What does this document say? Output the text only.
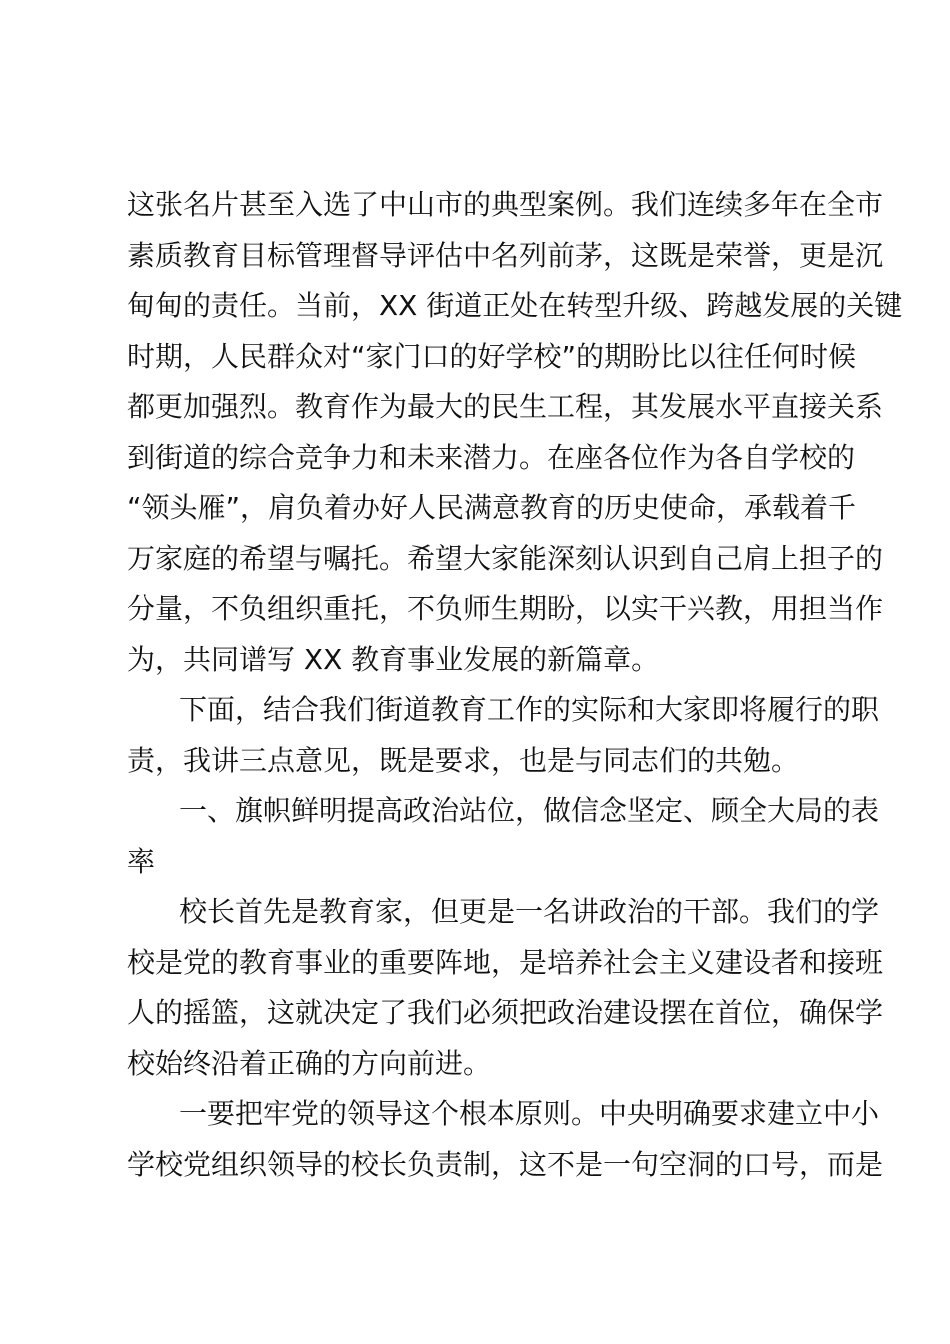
这张名片甚至入选了中山市的典型案例。我们连续多年在全市
素质教育目标管理督导评估中名列前茅，这既是荣誉，更是沉
甸甸的责任。当前，XX 街道正处在转型升级、跨越发展的关键
时期，人民群众对“家门口的好学校”的期盼比以往任何时候
都更加强烈。教育作为最大的民生工程，其发展水平直接关系
到街道的综合竞争力和未来潜力。在座各位作为各自学校的
“领头雁”，肩负着办好人民满意教育的历史使命，承载着千
万家庭的希望与嘱托。希望大家能深刻认识到自己肩上担子的
分量，不负组织重托，不负师生期盼，以实干兴教，用担当作
为，共同谱写 XX 教育事业发展的新篇章。
下面，结合我们街道教育工作的实际和大家即将履行的职
责，我讲三点意见，既是要求，也是与同志们的共勉。
一、旗帜鲜明提高政治站位，做信念坚定、顾全大局的表
率
校长首先是教育家，但更是一名讲政治的干部。我们的学
校是党的教育事业的重要阵地，是培养社会主义建设者和接班
人的摇篮，这就决定了我们必须把政治建设摆在首位，确保学
校始终沿着正确的方向前进。
一要把牢党的领导这个根本原则。中央明确要求建立中小
学校党组织领导的校长负责制，这不是一句空洞的口号，而是
